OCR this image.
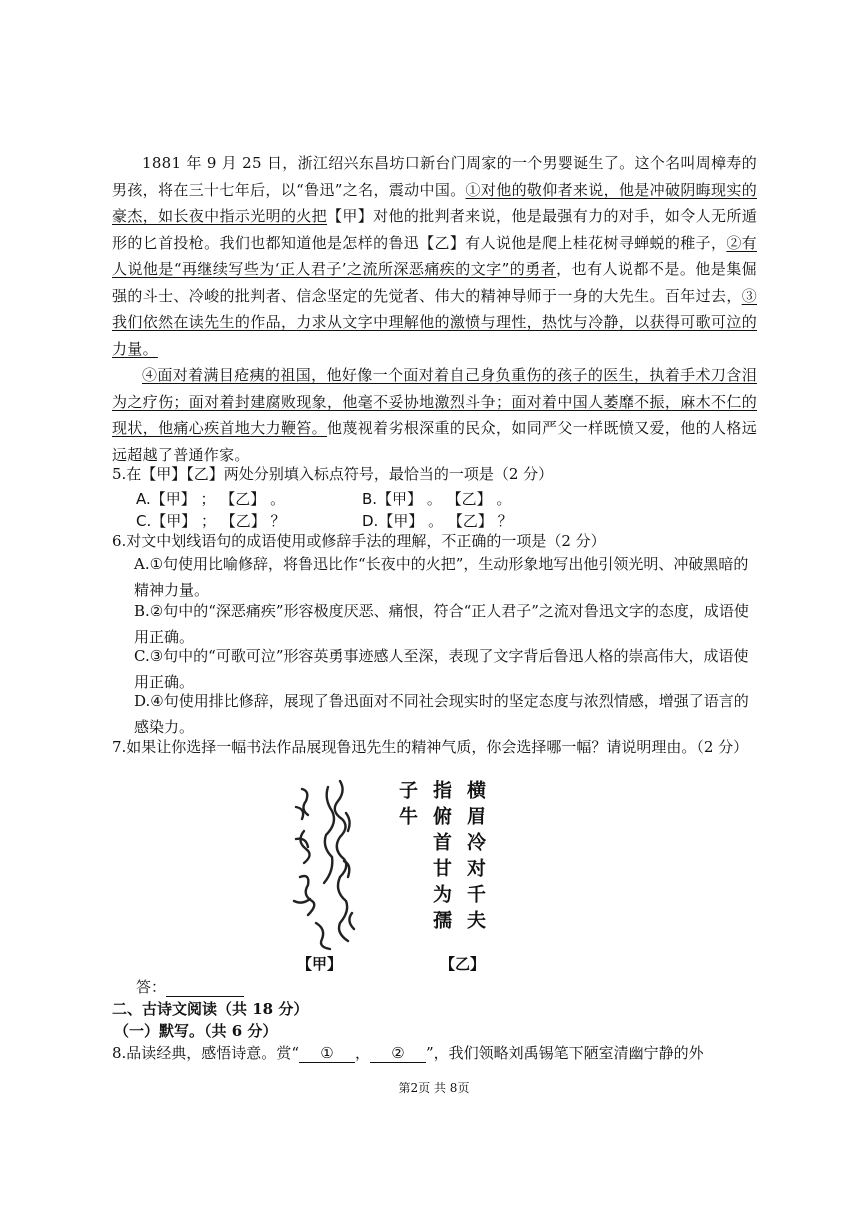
1881 年 9 月 25 日，浙江绍兴东昌坊口新台门周家的一个男婴诞生了。这个名叫周樟寿的男孩，将在三十七年后，以“鲁迅”之名，震动中国。①对他的敬仰者来说，他是冲破阴晦现实的豪杰，如长夜中指示光明的火把【甲】对他的批判者来说，他是最强有力的对手，如令人无所遁形的匕首投枪。我们也都知道他是怎样的鲁迅【乙】有人说他是爬上桂花树寻蝉蜕的稚子，②有人说他是“再继续写些为‘正人君子’之流所深恶痛疾的文字”的勇者，也有人说都不是。他是集倔强的斗士、冷峻的批判者、信念坚定的先觉者、伟大的精神导师于一身的大先生。百年过去，③我们依然在读先生的作品，力求从文字中理解他的激愤与理性，热忱与冷静，以获得可歌可泣的力量。
④面对着满目疮痍的祖国，他好像一个面对着自己身负重伤的孩子的医生，执着手术刀含泪为之疗伤；面对着封建腐败现象，他毫不妥协地激烈斗争；面对着中国人萎靡不振，麻木不仁的现状，他痛心疾首地大力鞭笞。他蔑视着劣根深重的民众，如同严父一样既愤又爱，他的人格远远超越了普通作家。
5.在【甲】【乙】两处分别填入标点符号，最恰当的一项是（2 分）
A.【甲】 ； 【乙】 。	B.【甲】 。 【乙】 。
C.【甲】 ； 【乙】 ？	D.【甲】 。 【乙】 ？
6.对文中划线语句的成语使用或修辞手法的理解，不正确的一项是（2 分）
A.①句使用比喻修辞，将鲁迅比作“长夜中的火把”，生动形象地写出他引领光明、冲破黑暗的精神力量。
B.②句中的“深恶痛疾”形容极度厌恶、痛恨，符合“正人君子”之流对鲁迅文字的态度，成语使用正确。
C.③句中的“可歌可泣”形容英勇事迹感人至深，表现了文字背后鲁迅人格的崇高伟大，成语使用正确。
D.④句使用排比修辞，展现了鲁迅面对不同社会现实时的坚定态度与浓烈情感，增强了语言的感染力。
7.如果让你选择一幅书法作品展现鲁迅先生的精神气质，你会选择哪一幅？请说明理由。（2 分）
横眉冷对千夫指俯首甘为孺子牛
【甲】	【乙】
答：
二、古诗文阅读（共 18 分）
（一）默写。（共 6 分）
8.品读经典，感悟诗意。赏“ ① ， ② ”，我们领略刘禹锡笔下陋室清幽宁静的外
第2页 共 8页
